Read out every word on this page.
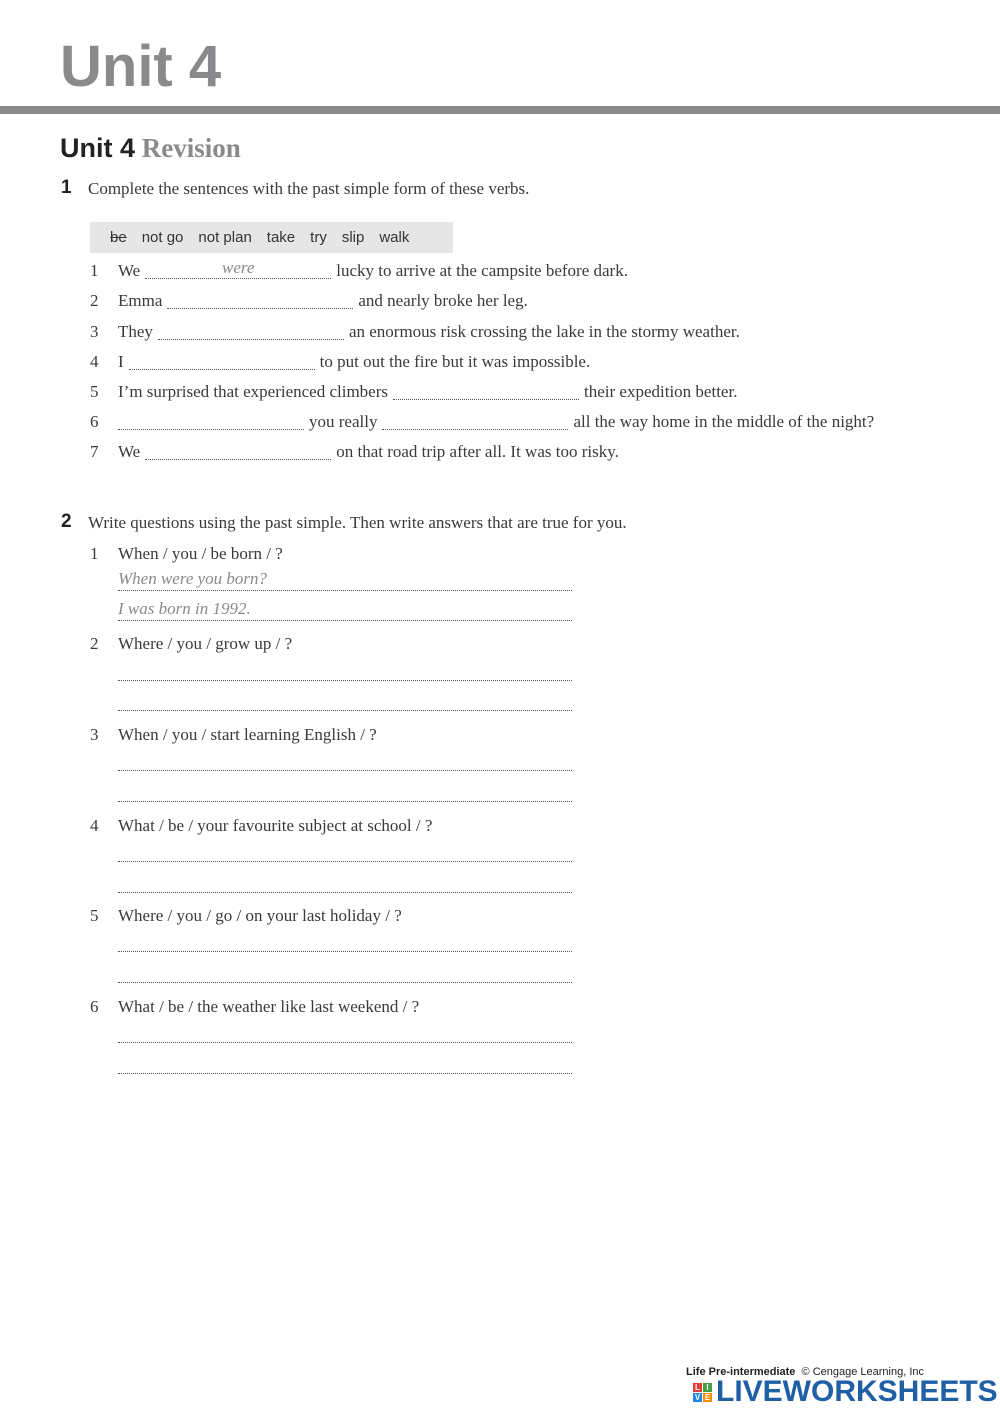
Unit 4
Unit 4 Revision
1 Complete the sentences with the past simple form of these verbs.
be not go not plan take try slip walk
1	We	were	lucky to arrive at the campsite before dark.
2	Emma	and nearly broke her leg.
3	They	an enormous risk crossing the lake in the stormy weather.
4	I	to put out the fire but it was impossible.
5	I’m surprised that experienced climbers	their expedition better.
6	you really	all the way home in the middle of the night?
7	We	on that road trip after all. It was too risky.
2 Write questions using the past simple. Then write answers that are true for you.
1 When / you / be born / ?
When were you born?
I was born in 1992.
2 Where / you / grow up / ?
3 When / you / start learning English / ?
4 What / be / your favourite subject at school / ?
5 Where / you / go / on your last holiday / ?
6 What / be / the weather like last weekend / ?
Life Pre-intermediate © Cengage Learning, Inc
L I
V E LIVEWORKSHEETS
